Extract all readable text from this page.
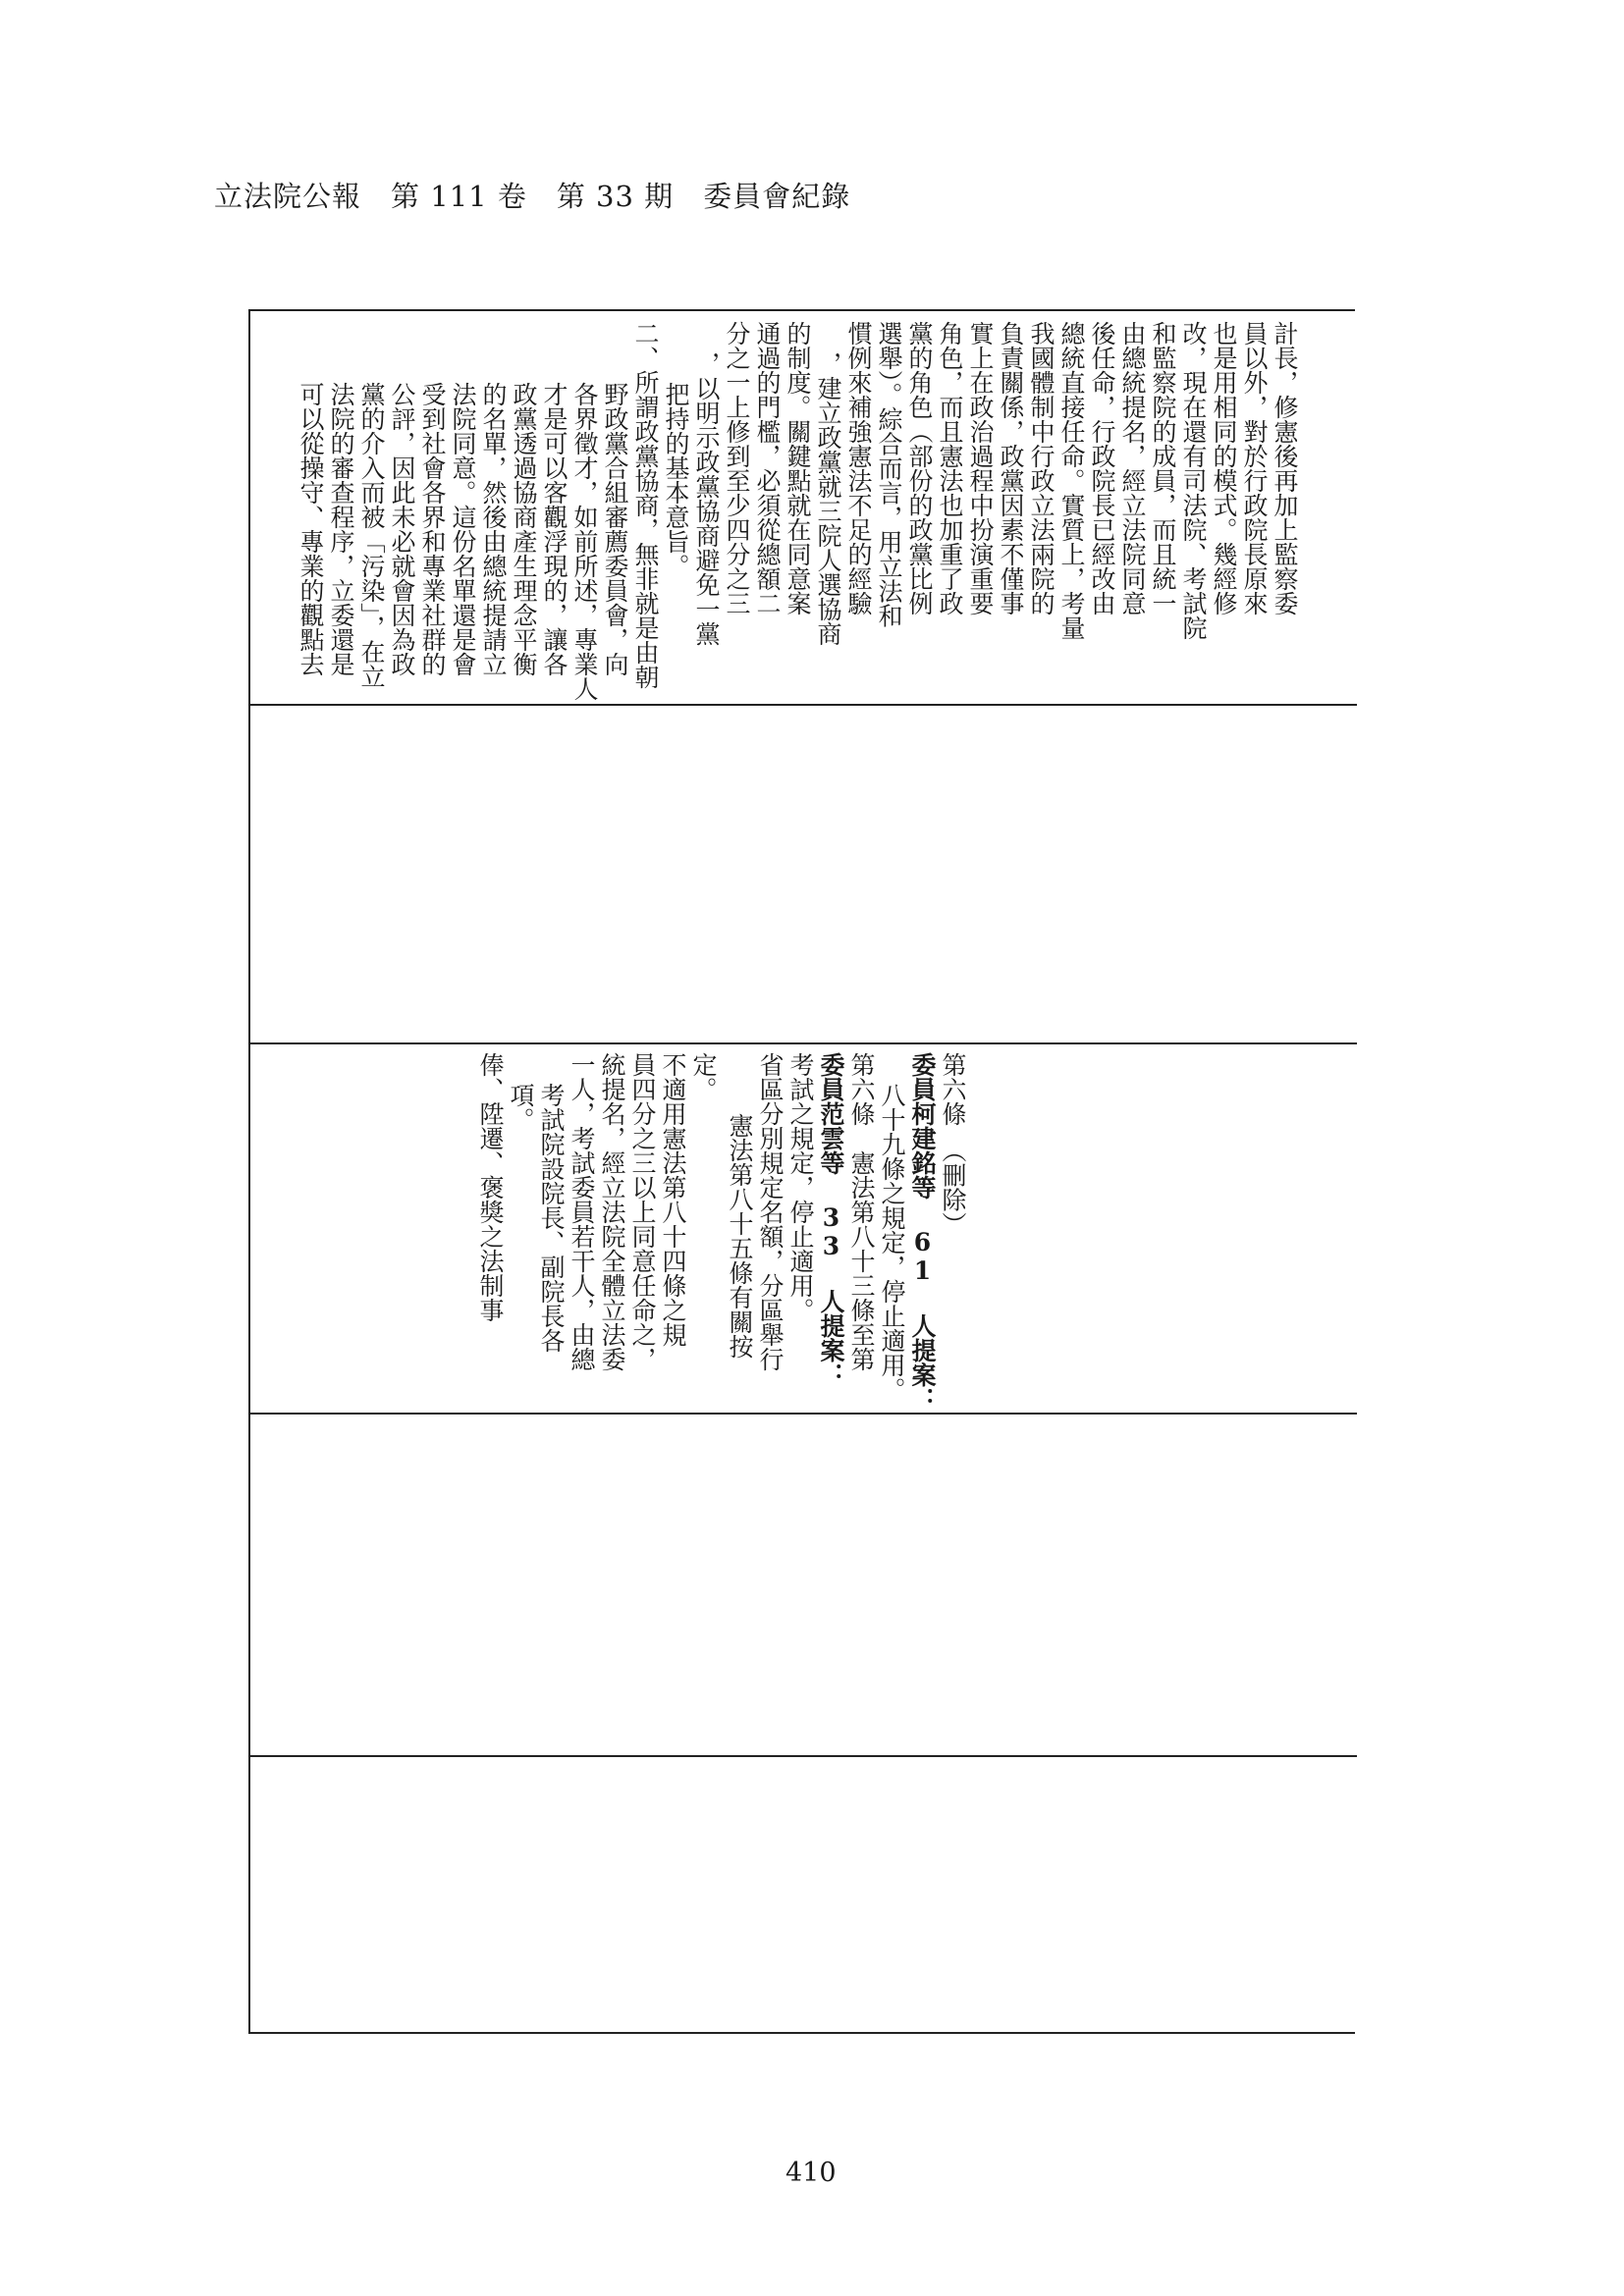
立法院公報　 第 111 卷　 第 33 期　 委員會紀錄
計長，修憲後再加上監察委
員以外，對於行政院長原來
也是用相同的模式。幾經修
改，現在還有司法院、考試院
和監察院的成員，而且統一
由總統提名，經立法院同意
後任命，行政院長已經改由
總統直接任命。實質上，考量
我國體制中行政立法兩院的
負責關係，政黨因素不僅事
實上在政治過程中扮演重要
角色，而且憲法也加重了政
黨的角色（部份的政黨比例
選舉）。綜合而言，用立法和
慣例來補強憲法不足的經驗
，建立政黨就三院人選協商
的制度。關鍵點就在同意案
通過的門檻，必須從總額二
分之一上修到至少四分之三
，以明示政黨協商避免一黨
把持的基本意旨。
二、所謂政黨協商，無非就是由朝
野政黨合組審薦委員會，向
各界徵才，如前所述，專業人
才是可以客觀浮現的，讓各
政黨透過協商產生理念平衡
的名單，然後由總統提請立
法院同意。這份名單還是會
受到社會各界和專業社群的
公評，因此未必就會因為政
黨的介入而被「污染」，在立
法院的審查程序，立委還是
可以從操守、專業的觀點去
俸、陞遷、褒獎之法制事 項。 考試院設院長、副院長各 一人，考試委員若干人，由總 統提名，經立法院全體立法委 員四分之三以上同意任命之，
不適用憲法第八十四條之規 定。
憲法第八十五條有關按 省區分別規定名額，分區舉行 考試之規定，停止適用。 委員范雲等 33 人提案： 第六條　憲法第八十三條至第 八十九條之規定，停止適用。 委員柯建銘等 61 人提案： 第六條　（刪除）
410
